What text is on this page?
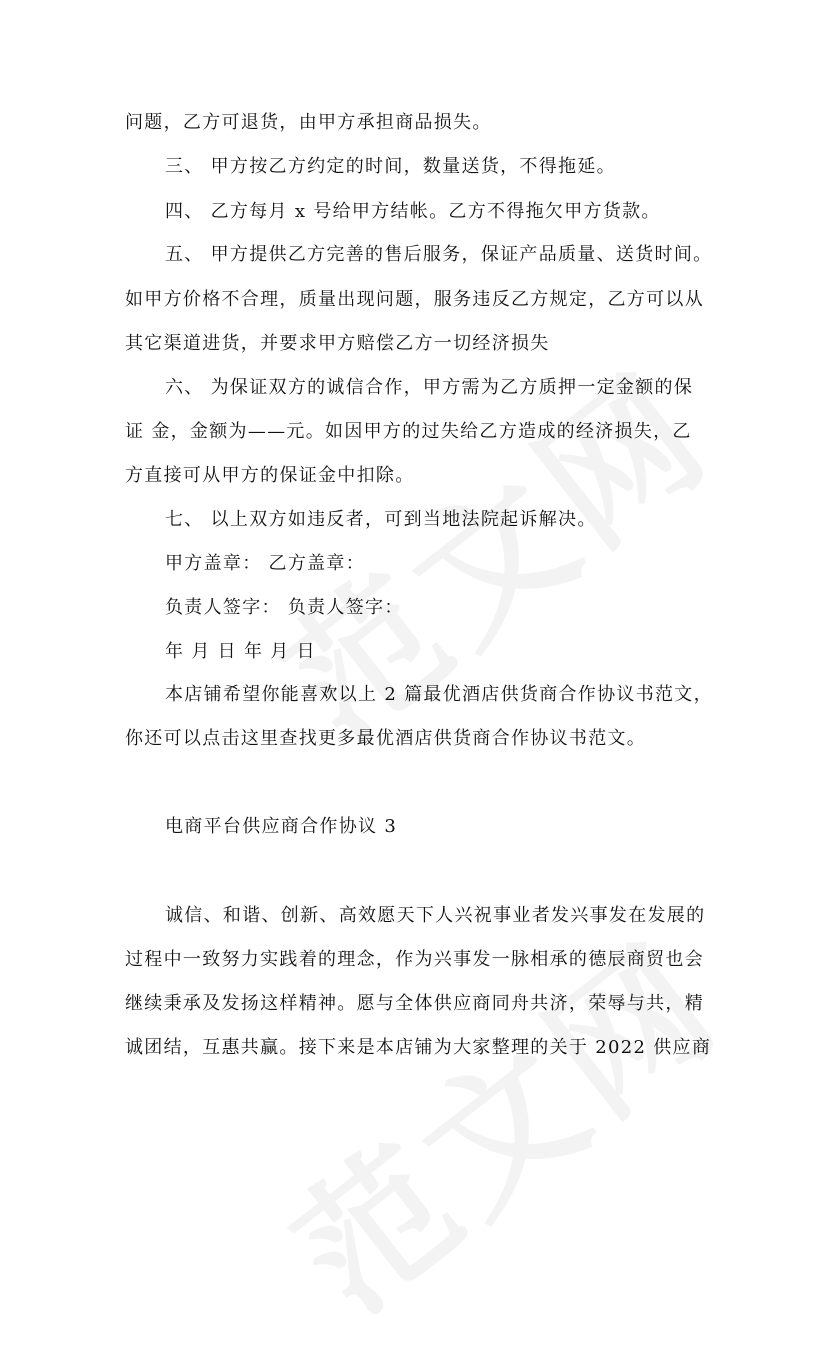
问题，乙方可退货，由甲方承担商品损失。
三、 甲方按乙方约定的时间，数量送货，不得拖延。
四、 乙方每月 x 号给甲方结帐。乙方不得拖欠甲方货款。
五、 甲方提供乙方完善的售后服务，保证产品质量、送货时间。
如甲方价格不合理，质量出现问题，服务违反乙方规定，乙方可以从
其它渠道进货，并要求甲方赔偿乙方一切经济损失
六、 为保证双方的诚信合作，甲方需为乙方质押一定金额的保
证 金，金额为——元。如因甲方的过失给乙方造成的经济损失，乙
方直接可从甲方的保证金中扣除。
七、 以上双方如违反者，可到当地法院起诉解决。
甲方盖章： 乙方盖章：
负责人签字： 负责人签字：
年 月 日 年 月 日
本店铺希望你能喜欢以上 2 篇最优酒店供货商合作协议书范文，
你还可以点击这里查找更多最优酒店供货商合作协议书范文。
电商平台供应商合作协议 3
诚信、和谐、创新、高效愿天下人兴祝事业者发兴事发在发展的
过程中一致努力实践着的理念，作为兴事发一脉相承的德辰商贸也会
继续秉承及发扬这样精神。愿与全体供应商同舟共济，荣辱与共，精
诚团结，互惠共赢。接下来是本店铺为大家整理的关于 2022 供应商
